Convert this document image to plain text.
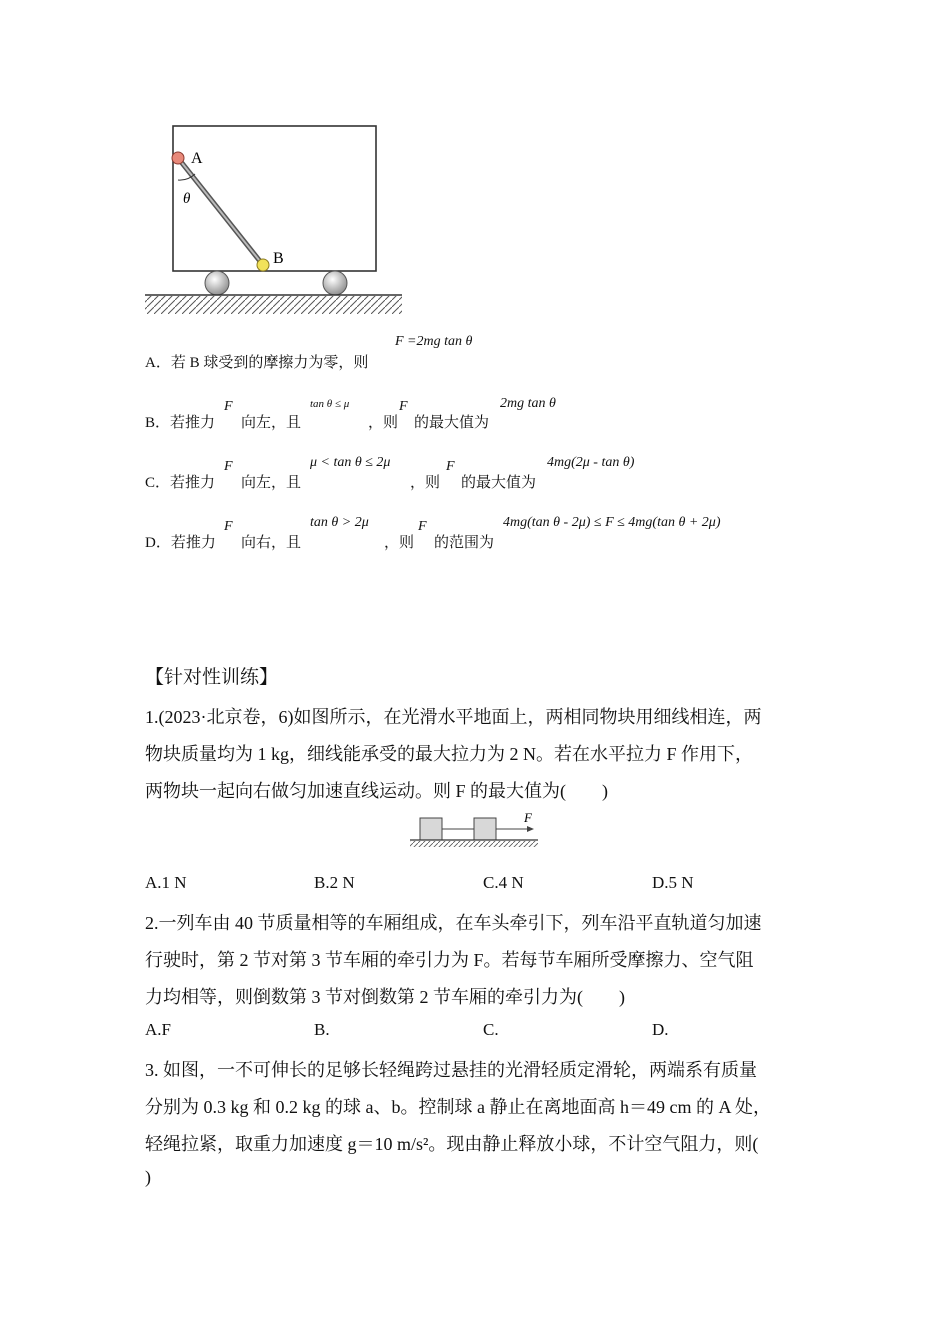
A
B
θ
A．若 B 球受到的摩擦力为零，则
F =2mg tan θ
B．若推力
F
向左，且
tan θ ≤ μ
，则
F
的最大值为
2mg tan θ
C．若推力
F
向左，且
μ < tan θ ≤ 2μ
，则
F
的最大值为
4mg(2μ - tan θ)
D．若推力
F
向右，且
tan θ > 2μ
，则
F
的范围为
4mg(tan θ - 2μ) ≤ F ≤ 4mg(tan θ + 2μ)
【针对性训练】
1.(2023·北京卷，6)如图所示，在光滑水平地面上，两相同物块用细线相连，两
物块质量均为 1 kg，细线能承受的最大拉力为 2 N。若在水平拉力 F 作用下，
两物块一起向右做匀加速直线运动。则 F 的最大值为(　　)
F
A.1 N	B.2 N	C.4 N	D.5 N
2.一列车由 40 节质量相等的车厢组成，在车头牵引下，列车沿平直轨道匀加速
行驶时，第 2 节对第 3 节车厢的牵引力为 F。若每节车厢所受摩擦力、空气阻
力均相等，则倒数第 3 节对倒数第 2 节车厢的牵引力为(　　)
A.F	B.	C.	D.
3. 如图，一不可伸长的足够长轻绳跨过悬挂的光滑轻质定滑轮，两端系有质量
分别为 0.3 kg 和 0.2 kg 的球 a、b。控制球 a 静止在离地面高 h＝49 cm 的 A 处，
轻绳拉紧，取重力加速度 g＝10 m/s²。现由静止释放小球，不计空气阻力，则(
)
